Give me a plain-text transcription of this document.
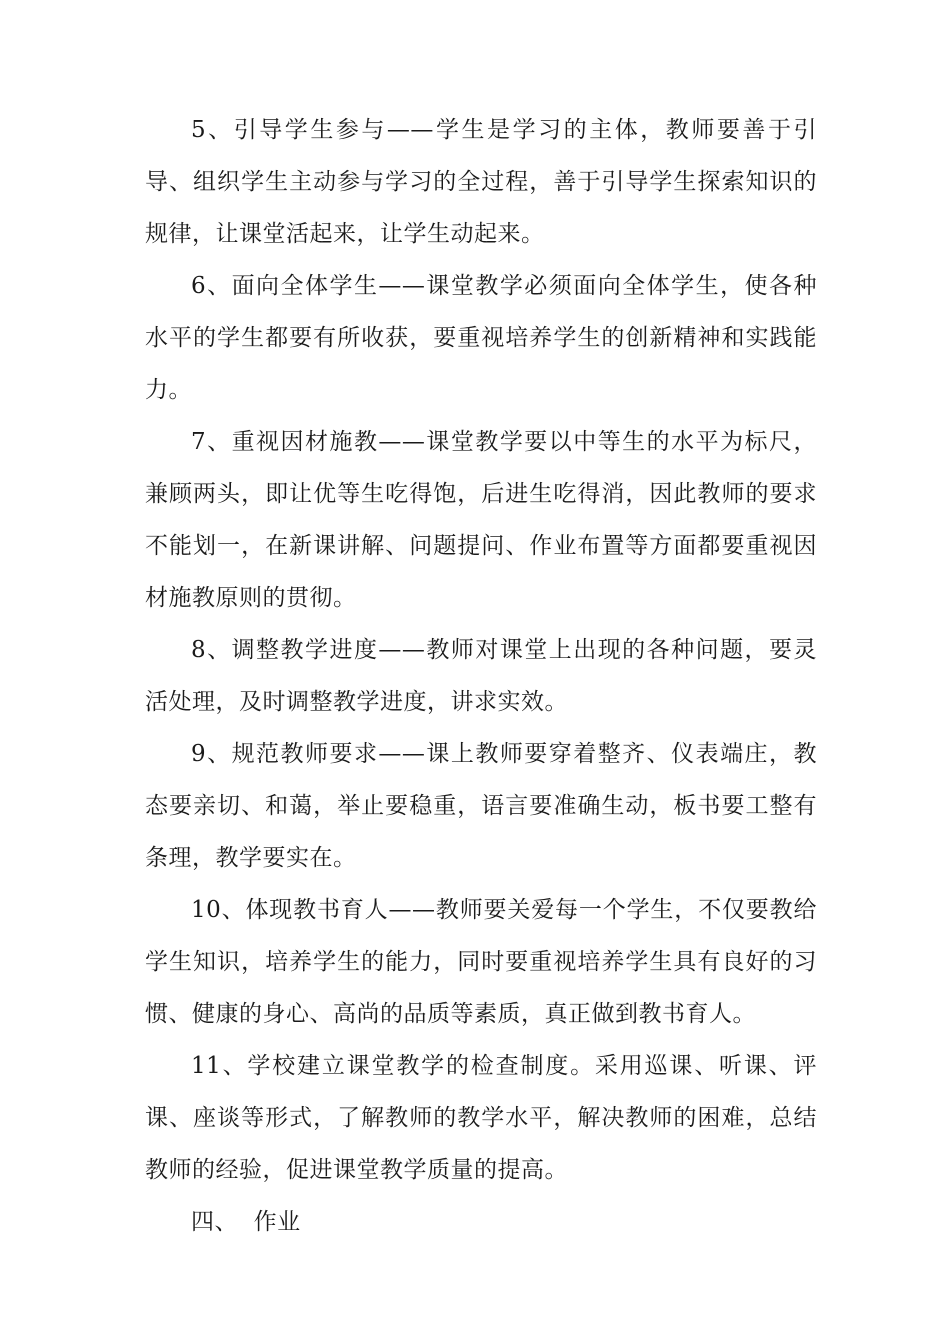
5、引导学生参与——学生是学习的主体，教师要善于引导、组织学生主动参与学习的全过程，善于引导学生探索知识的规律，让课堂活起来，让学生动起来。

6、面向全体学生——课堂教学必须面向全体学生，使各种水平的学生都要有所收获，要重视培养学生的创新精神和实践能力。

7、重视因材施教——课堂教学要以中等生的水平为标尺，兼顾两头，即让优等生吃得饱，后进生吃得消，因此教师的要求不能划一，在新课讲解、问题提问、作业布置等方面都要重视因材施教原则的贯彻。

8、调整教学进度——教师对课堂上出现的各种问题，要灵活处理，及时调整教学进度，讲求实效。

9、规范教师要求——课上教师要穿着整齐、仪表端庄，教态要亲切、和蔼，举止要稳重，语言要准确生动，板书要工整有条理，教学要实在。

10、体现教书育人——教师要关爱每一个学生，不仅要教给学生知识，培养学生的能力，同时要重视培养学生具有良好的习惯、健康的身心、高尚的品质等素质，真正做到教书育人。

11、学校建立课堂教学的检查制度。采用巡课、听课、评课、座谈等形式，了解教师的教学水平，解决教师的困难，总结教师的经验，促进课堂教学质量的提高。

四、  作业
